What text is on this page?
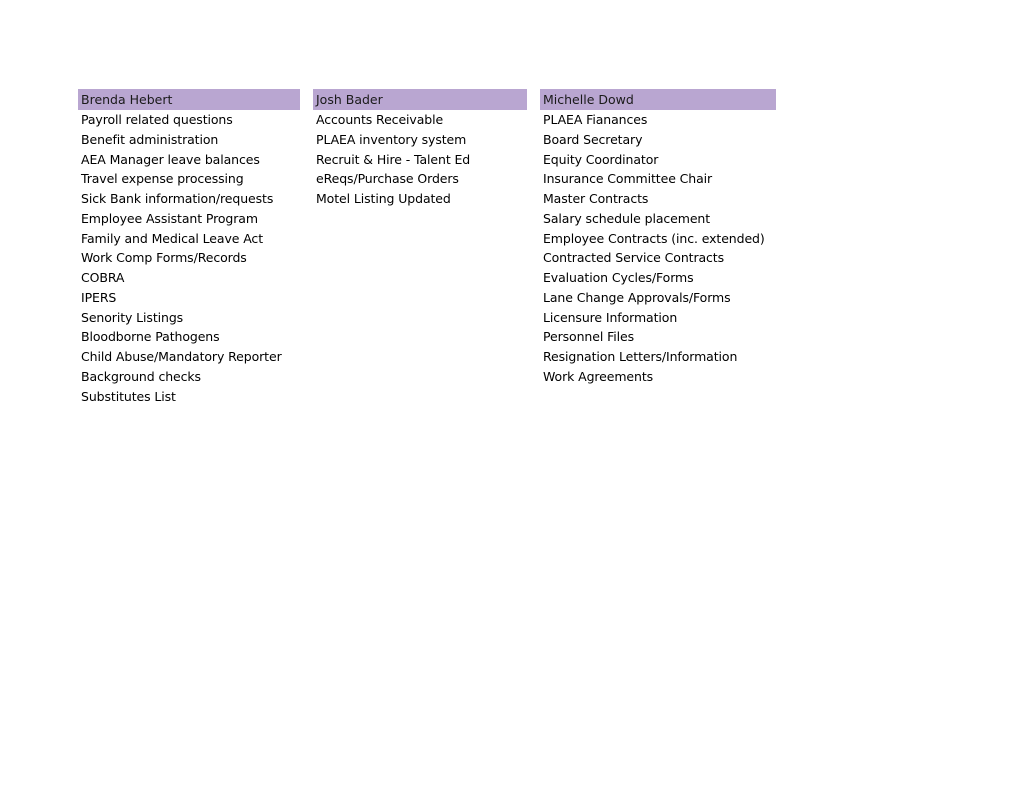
Brenda Hebert
Payroll related questions
Benefit administration
AEA Manager leave balances
Travel expense processing
Sick Bank information/requests
Employee Assistant Program
Family and Medical Leave Act
Work Comp Forms/Records
COBRA
IPERS
Senority Listings
Bloodborne Pathogens
Child Abuse/Mandatory Reporter
Background checks
Substitutes List
Josh Bader
Accounts Receivable
PLAEA inventory system
Recruit & Hire - Talent Ed
eReqs/Purchase Orders
Motel Listing Updated
Michelle Dowd
PLAEA Fianances
Board Secretary
Equity Coordinator
Insurance Committee Chair
Master Contracts
Salary schedule placement
Employee Contracts (inc. extended)
Contracted Service Contracts
Evaluation Cycles/Forms
Lane Change Approvals/Forms
Licensure Information
Personnel Files
Resignation Letters/Information
Work Agreements
